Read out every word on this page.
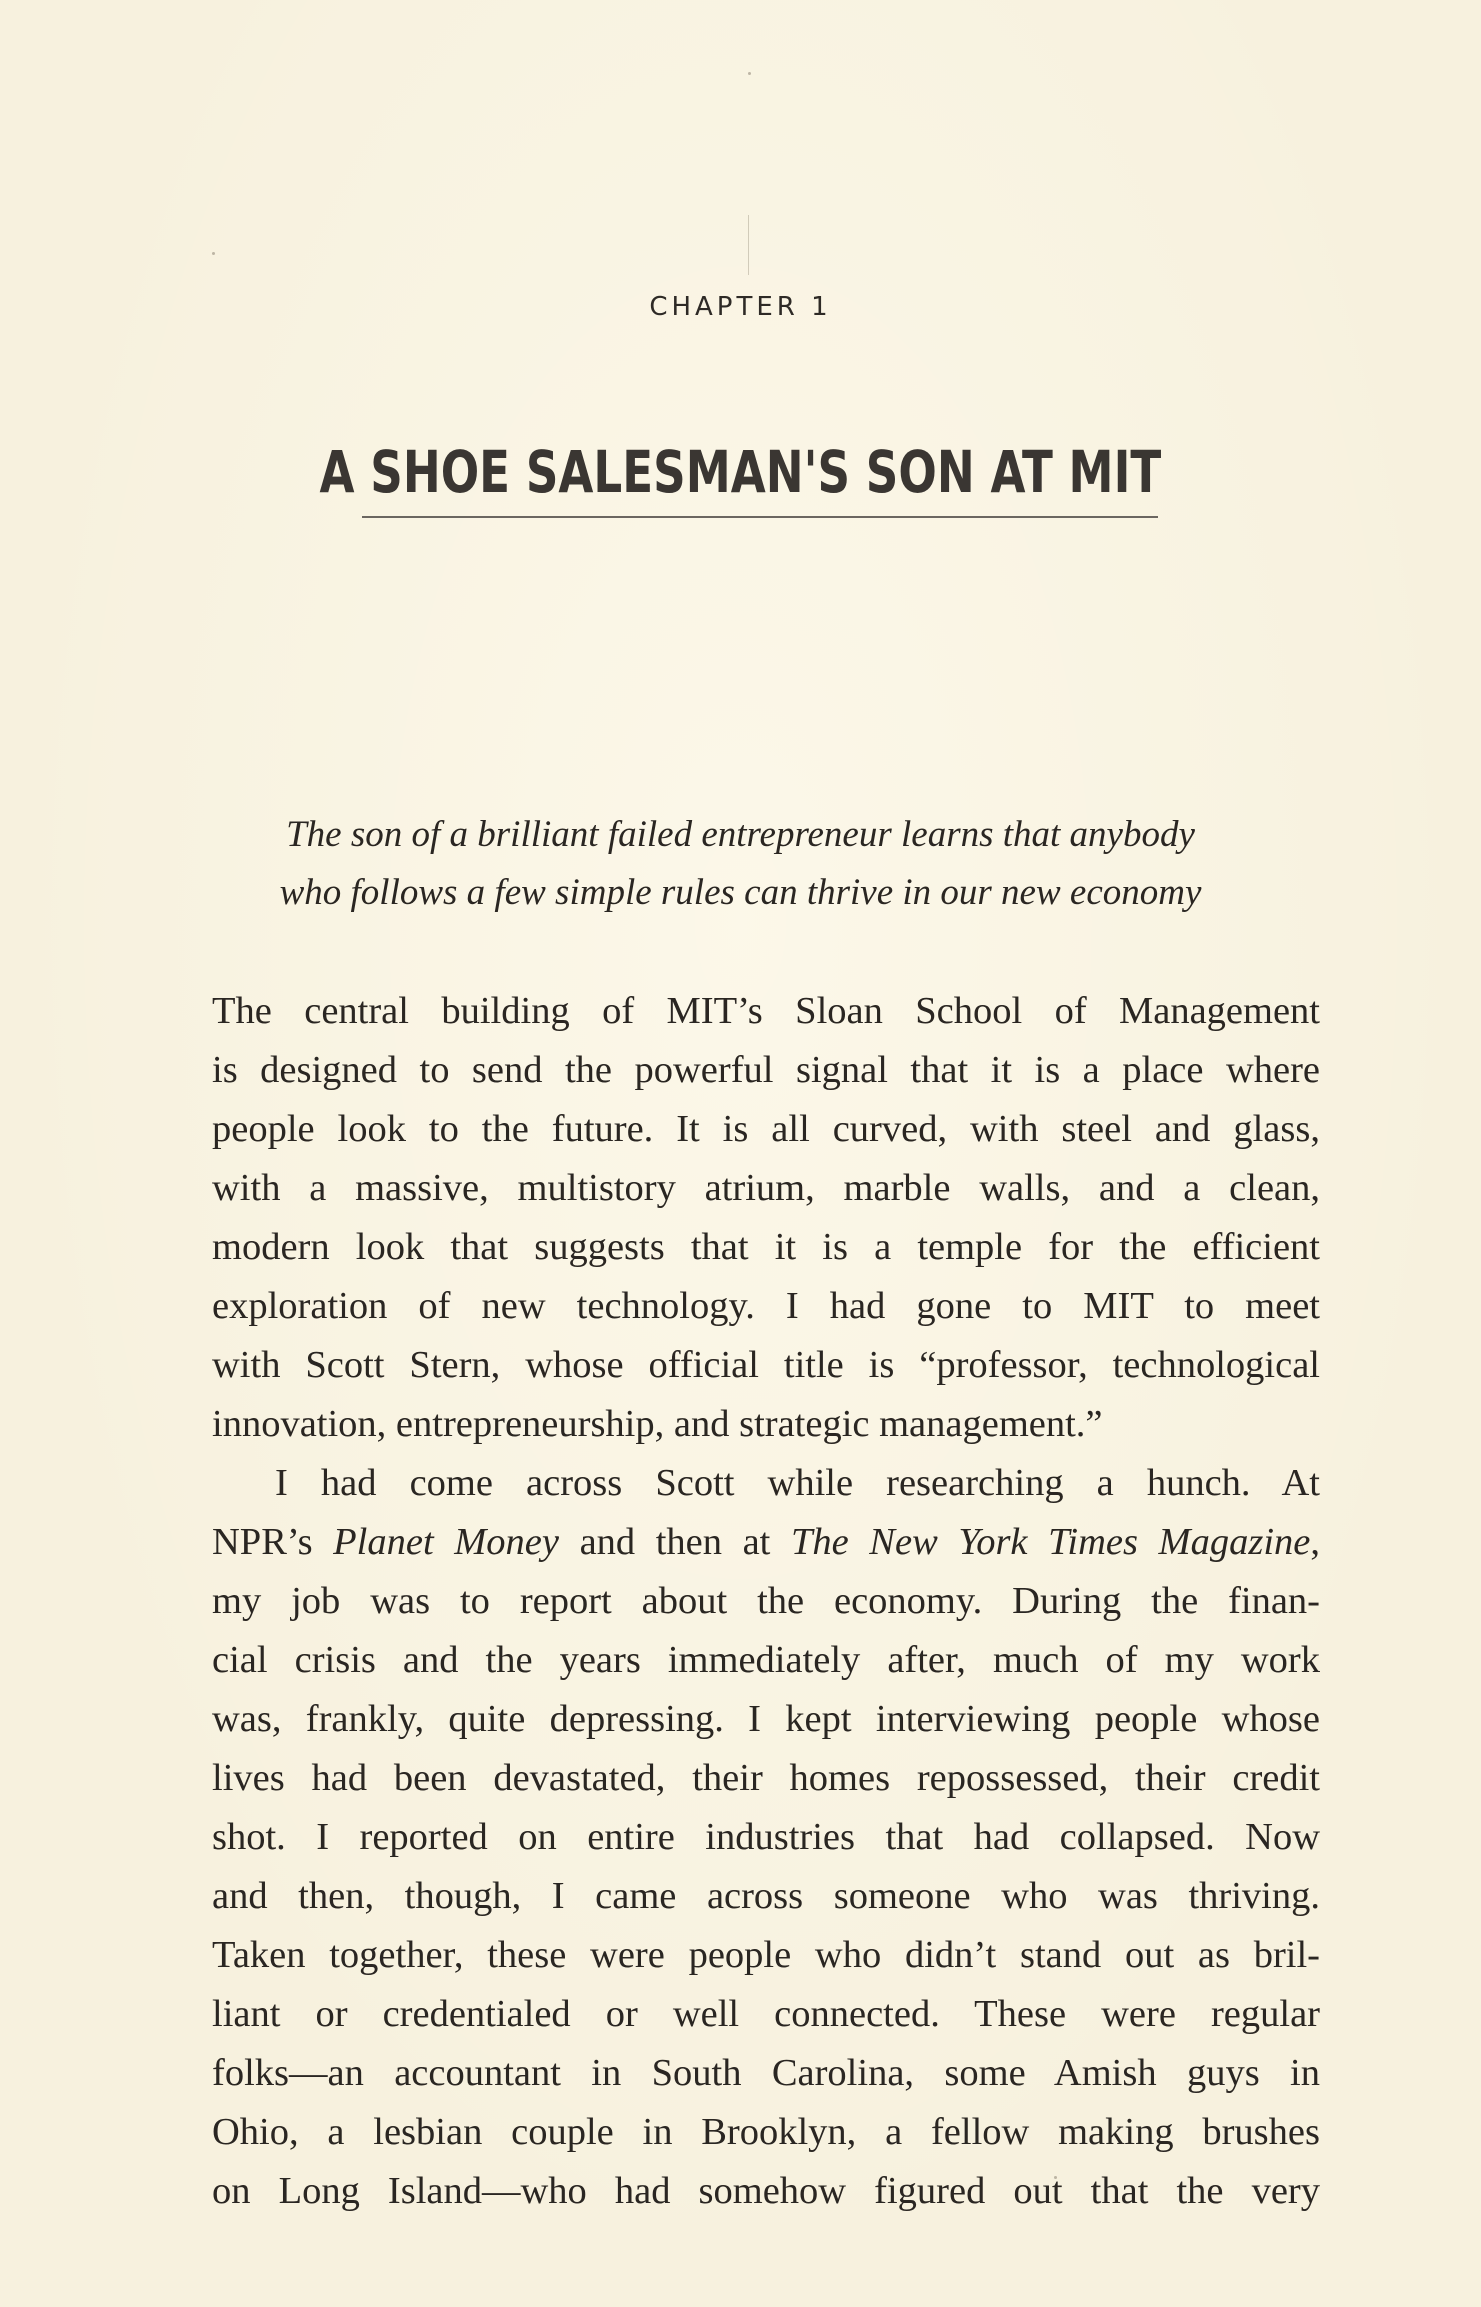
CHAPTER 1
A SHOE SALESMAN'S SON AT MIT
The son of a brilliant failed entrepreneur learns that anybody
who follows a few simple rules can thrive in our new economy
The central building of MIT’s Sloan School of Management
is designed to send the powerful signal that it is a place where
people look to the future. It is all curved, with steel and glass,
with a massive, multistory atrium, marble walls, and a clean,
modern look that suggests that it is a temple for the efficient
exploration of new technology. I had gone to MIT to meet
with Scott Stern, whose official title is “professor, technological
innovation, entrepreneurship, and strategic management.”
I had come across Scott while researching a hunch. At
NPR’s Planet Money and then at The New York Times Magazine,
my job was to report about the economy. During the finan-
cial crisis and the years immediately after, much of my work
was, frankly, quite depressing. I kept interviewing people whose
lives had been devastated, their homes repossessed, their credit
shot. I reported on entire industries that had collapsed. Now
and then, though, I came across someone who was thriving.
Taken together, these were people who didn’t stand out as bril-
liant or credentialed or well connected. These were regular
folks—an accountant in South Carolina, some Amish guys in
Ohio, a lesbian couple in Brooklyn, a fellow making brushes
on Long Island—who had somehow figured out that the very
